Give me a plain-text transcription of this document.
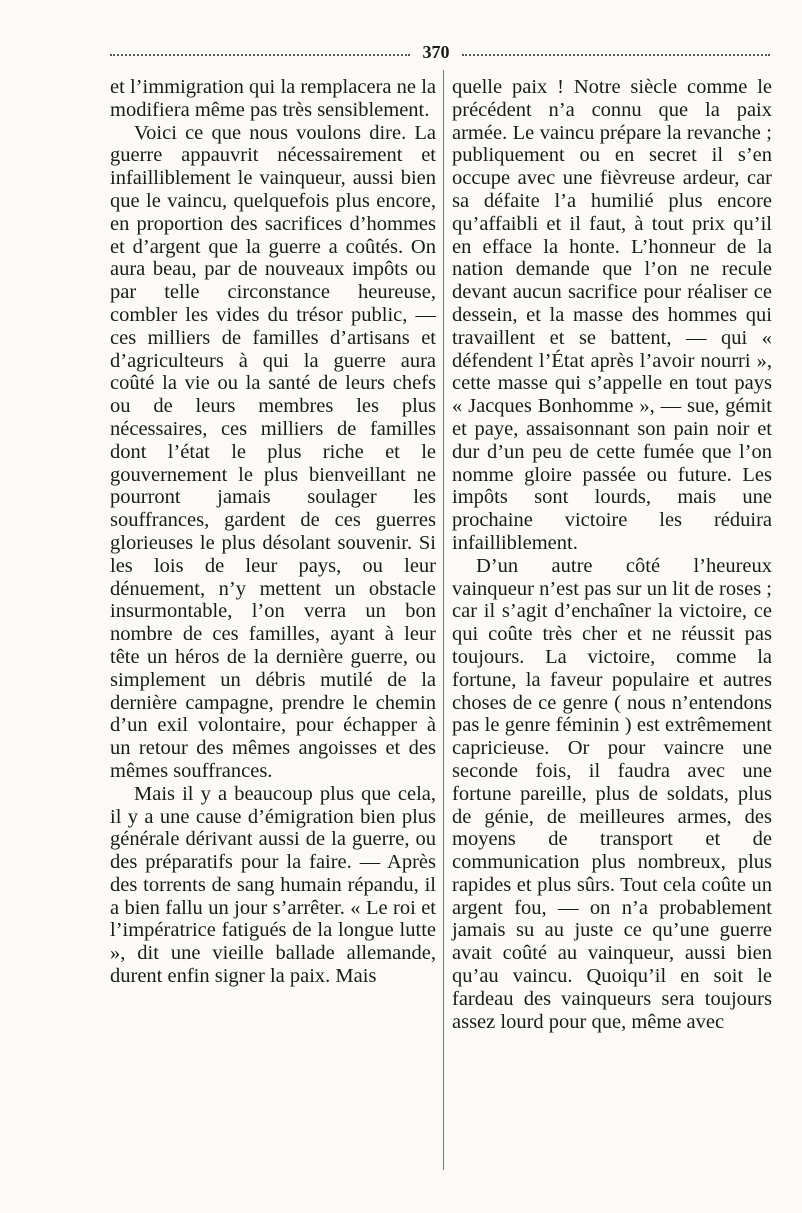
370

et l’immigration qui la remplacera ne la modifiera même pas très sensiblement.

Voici ce que nous voulons dire. La guerre appauvrit nécessairement et infailliblement le vainqueur, aussi bien que le vaincu, quelquefois plus encore, en proportion des sacrifices d’hommes et d’argent que la guerre a coûtés. On aura beau, par de nouveaux impôts ou par telle circonstance heureuse, combler les vides du trésor public, — ces milliers de familles d’artisans et d’agriculteurs à qui la guerre aura coûté la vie ou la santé de leurs chefs ou de leurs membres les plus nécessaires, ces milliers de familles dont l’état le plus riche et le gouvernement le plus bienveillant ne pourront jamais soulager les souffrances, gardent de ces guerres glorieuses le plus désolant souvenir. Si les lois de leur pays, ou leur dénuement, n’y mettent un obstacle insurmontable, l’on verra un bon nombre de ces familles, ayant à leur tête un héros de la dernière guerre, ou simplement un débris mutilé de la dernière campagne, prendre le chemin d’un exil volontaire, pour échapper à un retour des mêmes angoisses et des mêmes souffrances.

Mais il y a beaucoup plus que cela, il y a une cause d’émigration bien plus générale dérivant aussi de la guerre, ou des préparatifs pour la faire. — Après des torrents de sang humain répandu, il a bien fallu un jour s’arrêter. « Le roi et l’impératrice fatigués de la longue lutte », dit une vieille ballade allemande, durent enfin signer la paix. Mais

quelle paix ! Notre siècle comme le précédent n’a connu que la paix armée. Le vaincu prépare la revanche ; publiquement ou en secret il s’en occupe avec une fièvreuse ardeur, car sa défaite l’a humilié plus encore qu’affaibli et il faut, à tout prix qu’il en efface la honte. L’honneur de la nation demande que l’on ne recule devant aucun sacrifice pour réaliser ce dessein, et la masse des hommes qui travaillent et se battent, — qui « défendent l’État après l’avoir nourri », cette masse qui s’appelle en tout pays « Jacques Bonhomme », — sue, gémit et paye, assaisonnant son pain noir et dur d’un peu de cette fumée que l’on nomme gloire passée ou future. Les impôts sont lourds, mais une prochaine victoire les réduira infailliblement.

D’un autre côté l’heureux vainqueur n’est pas sur un lit de roses ; car il s’agit d’enchaîner la victoire, ce qui coûte très cher et ne réussit pas toujours. La victoire, comme la fortune, la faveur populaire et autres choses de ce genre ( nous n’entendons pas le genre féminin ) est extrêmement capricieuse. Or pour vaincre une seconde fois, il faudra avec une fortune pareille, plus de soldats, plus de génie, de meilleures armes, des moyens de transport et de communication plus nombreux, plus rapides et plus sûrs. Tout cela coûte un argent fou, — on n’a probablement jamais su au juste ce qu’une guerre avait coûté au vainqueur, aussi bien qu’au vaincu. Quoiqu’il en soit le fardeau des vainqueurs sera toujours assez lourd pour que, même avec
